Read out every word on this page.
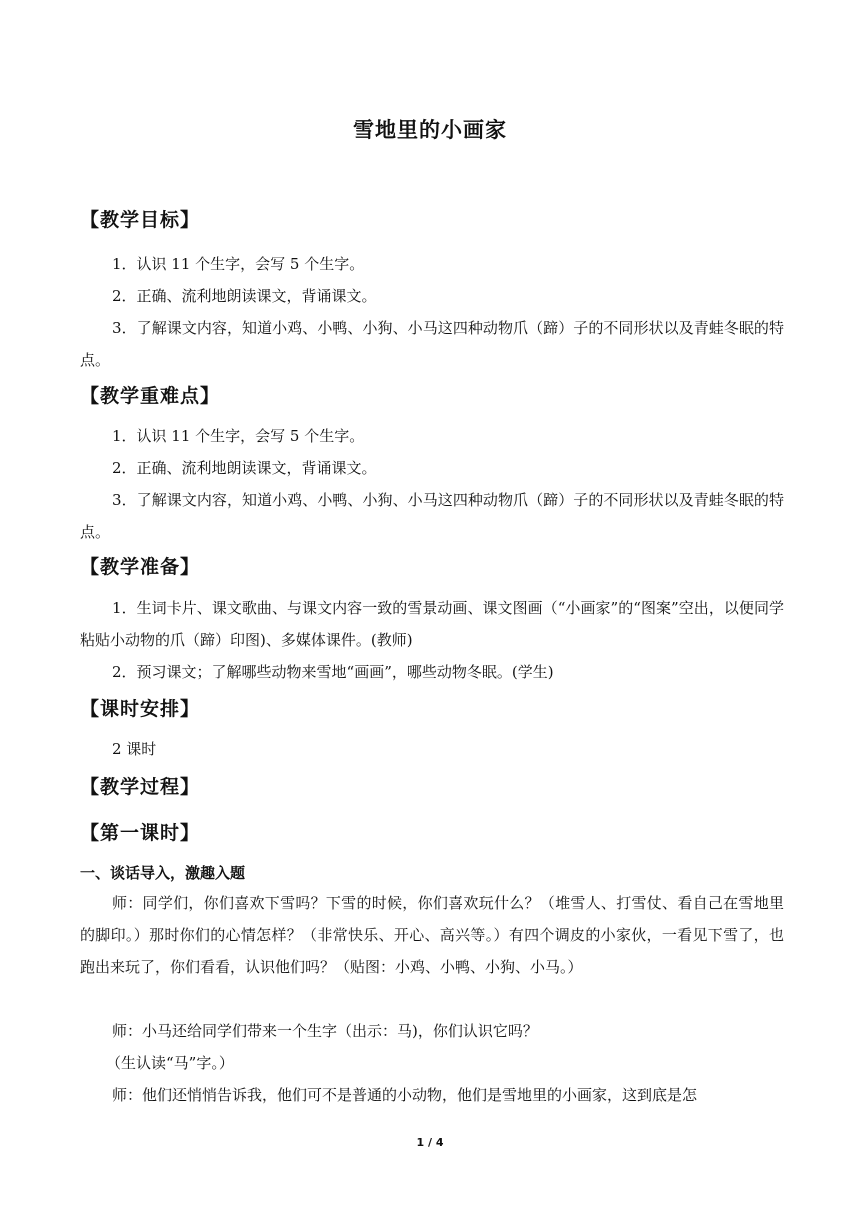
雪地里的小画家
【教学目标】
1．认识 11 个生字，会写 5 个生字。
2．正确、流利地朗读课文，背诵课文。
3．了解课文内容，知道小鸡、小鸭、小狗、小马这四种动物爪（蹄）子的不同形状以及青蛙冬眠的特点。
【教学重难点】
1．认识 11 个生字，会写 5 个生字。
2．正确、流利地朗读课文，背诵课文。
3．了解课文内容，知道小鸡、小鸭、小狗、小马这四种动物爪（蹄）子的不同形状以及青蛙冬眠的特点。
【教学准备】
1．生词卡片、课文歌曲、与课文内容一致的雪景动画、课文图画（“小画家”的“图案”空出，以便同学粘贴小动物的爪（蹄）印图)、多媒体课件。(教师)
2．预习课文；了解哪些动物来雪地“画画”，哪些动物冬眠。(学生)
【课时安排】
2 课时
【教学过程】
【第一课时】
一、谈话导入，激趣入题
师：同学们，你们喜欢下雪吗？下雪的时候，你们喜欢玩什么？（堆雪人、打雪仗、看自己在雪地里的脚印。）那时你们的心情怎样？（非常快乐、开心、高兴等。）有四个调皮的小家伙，一看见下雪了，也跑出来玩了，你们看看，认识他们吗？（贴图：小鸡、小鸭、小狗、小马。）
师：小马还给同学们带来一个生字（出示：马)，你们认识它吗？
（生认读“马”字。）
师：他们还悄悄告诉我，他们可不是普通的小动物，他们是雪地里的小画家，这到底是怎
1 / 4
